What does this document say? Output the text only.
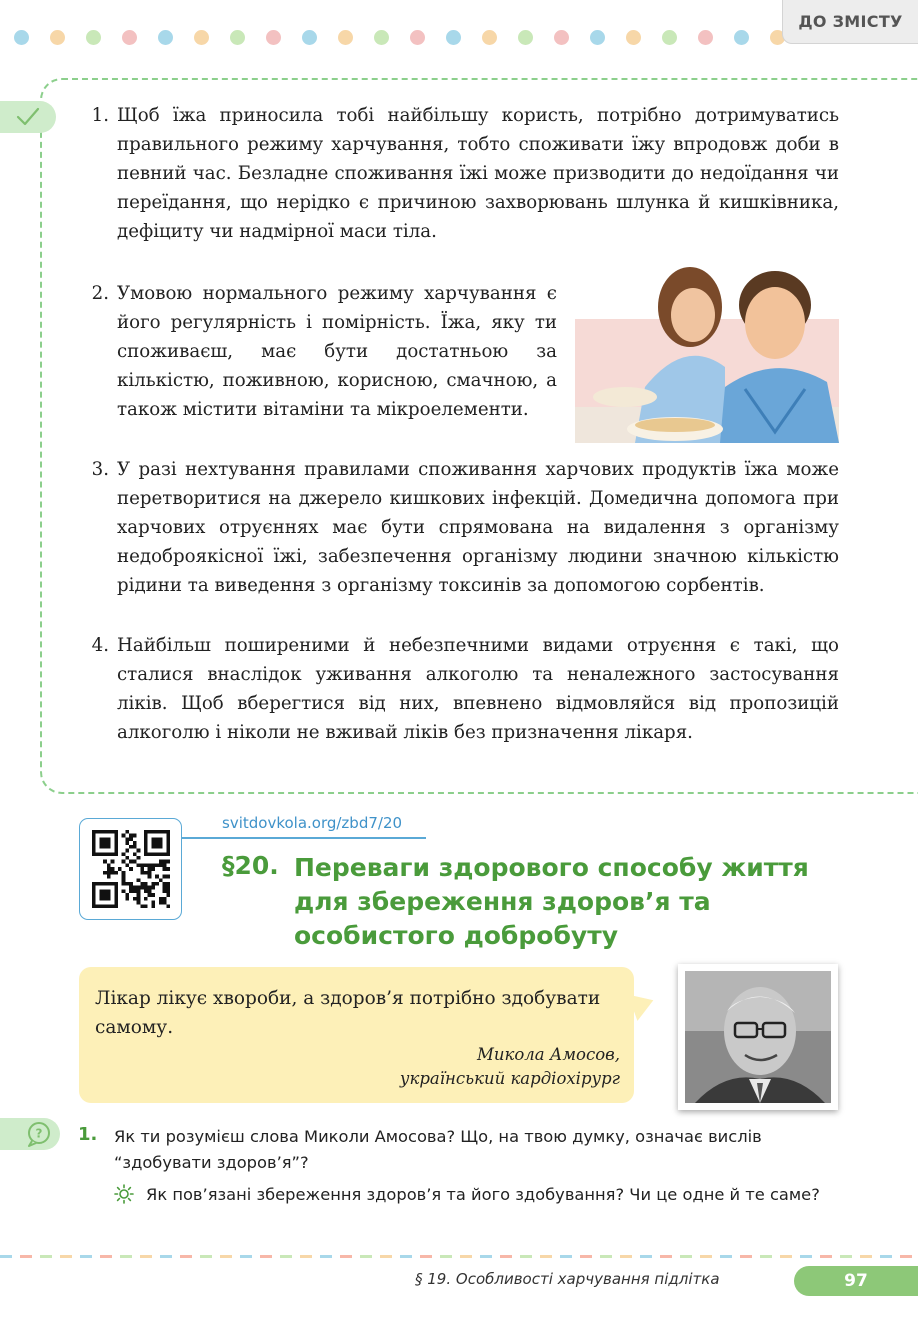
ДО ЗМІСТУ
1. Щоб їжа приносила тобі найбільшу користь, потрібно дотримуватись правильного режиму харчування, тобто споживати їжу впродовж доби в певний час. Безладне споживання їжі може призводити до недоїдання чи переїдання, що нерідко є причиною захворювань шлунка й кишківника, дефіциту чи надмірної маси тіла.

2. Умовою нормального режиму харчування є його регулярність і помірність. Їжа, яку ти споживаєш, має бути достатньою за кількістю, поживною, корисною, смачною, а також містити вітаміни та мікроелементи.

3. У разі нехтування правилами споживання харчових продуктів їжа може перетворитися на джерело кишкових інфекцій. Домедична допомога при харчових отруєннях має бути спрямована на видалення з організму недоброякісної їжі, забезпечення організму людини значною кількістю рідини та виведення з організму токсинів за допомогою сорбентів.

4. Найбільш поширеними й небезпечними видами отруєння є такі, що сталися внаслідок уживання алкоголю та неналежного застосування ліків. Щоб вберегтися від них, впевнено відмовляйся від пропозицій алкоголю і ніколи не вживай ліків без призначення лікаря.

svitdovkola.org/zbd7/20
§20. Переваги здорового способу життя для збереження здоров’я та особистого добробуту
Лікар лікує хвороби, а здоров’я потрібно здобувати самому.
Микола Амосов,
український кардіохірург
? 1. Як ти розумієш слова Миколи Амосова? Що, на твою думку, означає вислів “здобувати здоров’я”?
Як пов’язані збереження здоров’я та його здобування? Чи це одне й те саме?
§ 19. Особливості харчування підлітка	97
